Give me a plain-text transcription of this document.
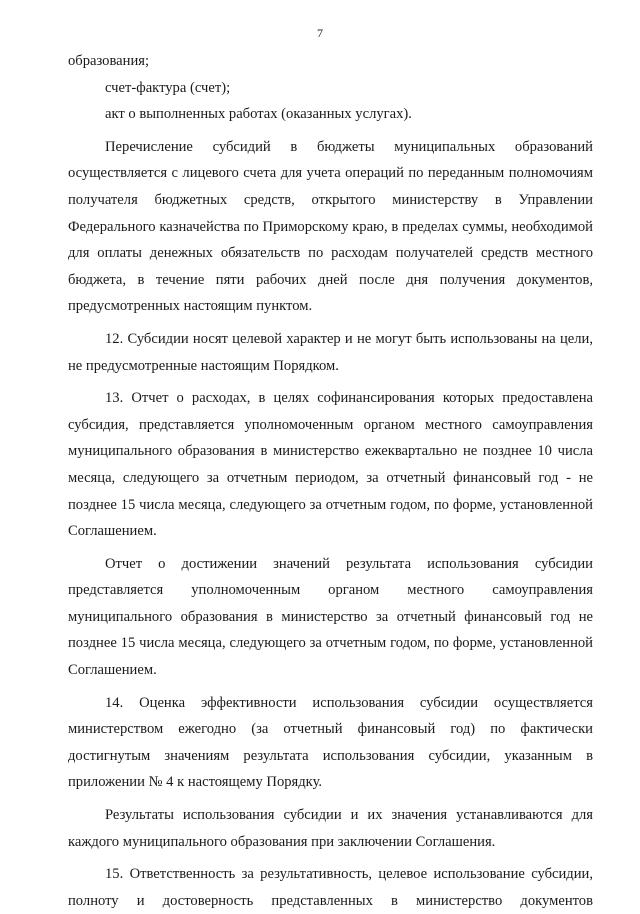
7

образования;

счет-фактура (счет);

акт о выполненных работах (оказанных услугах).

Перечисление субсидий в бюджеты муниципальных образований осуществляется с лицевого счета для учета операций по переданным полномочиям получателя бюджетных средств, открытого министерству в Управлении Федерального казначейства по Приморскому краю, в пределах суммы, необходимой для оплаты денежных обязательств по расходам получателей средств местного бюджета, в течение пяти рабочих дней после дня получения документов, предусмотренных настоящим пунктом.

12. Субсидии носят целевой характер и не могут быть использованы на цели, не предусмотренные настоящим Порядком.

13. Отчет о расходах, в целях софинансирования которых предоставлена субсидия, представляется уполномоченным органом местного самоуправления муниципального образования в министерство ежеквартально не позднее 10 числа месяца, следующего за отчетным периодом, за отчетный финансовый год - не позднее 15 числа месяца, следующего за отчетным годом, по форме, установленной Соглашением.

Отчет о достижении значений результата использования субсидии представляется уполномоченным органом местного самоуправления муниципального образования в министерство за отчетный финансовый год не позднее 15 числа месяца, следующего за отчетным годом, по форме, установленной Соглашением.

14. Оценка эффективности использования субсидии осуществляется министерством ежегодно (за отчетный финансовый год) по фактически достигнутым значениям результата использования субсидии, указанным в приложении № 4 к настоящему Порядку.

Результаты использования субсидии и их значения устанавливаются для каждого муниципального образования при заключении Соглашения.

15. Ответственность за результативность, целевое использование субсидии, полноту и достоверность представленных в министерство документов
